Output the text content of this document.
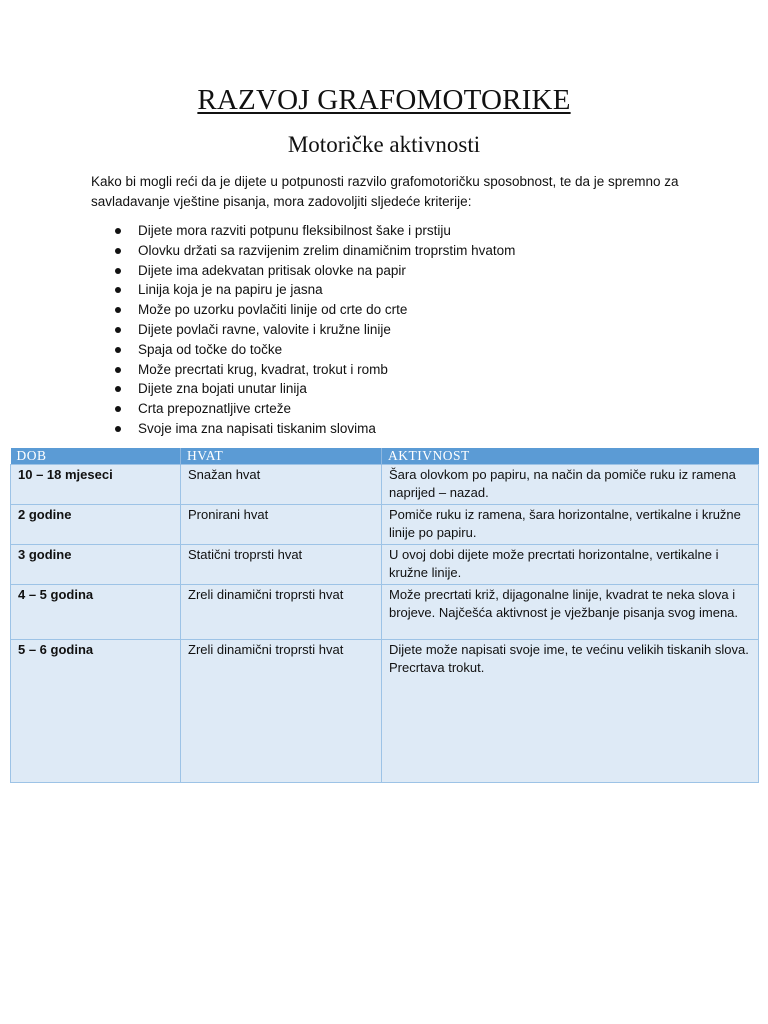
RAZVOJ GRAFOMOTORIKE
Motoričke aktivnosti
Kako bi mogli reći da je dijete u potpunosti razvilo grafomotoričku sposobnost, te da je spremno za savladavanje vještine pisanja, mora zadovoljiti sljedeće kriterije:
Dijete mora razviti potpunu fleksibilnost šake i prstiju
Olovku držati sa razvijenim zrelim dinamičnim troprstim hvatom
Dijete ima adekvatan pritisak olovke na papir
Linija koja je na papiru je jasna
Može po uzorku povlačiti linije od crte do crte
Dijete povlači ravne, valovite i kružne linije
Spaja od točke do točke
Može precrtati krug, kvadrat, trokut i romb
Dijete zna bojati unutar linija
Crta prepoznatljive crteže
Svoje ima zna napisati tiskanim slovima
DOB	HVAT	AKTIVNOST
10 – 18 mjeseci	Snažan hvat	Šara olovkom po papiru, na način da pomiče ruku iz ramena naprijed – nazad.
2 godine	Pronirani hvat	Pomiče ruku iz ramena, šara horizontalne, vertikalne i kružne linije po papiru.
3 godine	Statični troprsti hvat	U ovoj dobi dijete može precrtati horizontalne, vertikalne i kružne linije.
4 – 5 godina	Zreli dinamični troprsti hvat	Može precrtati križ, dijagonalne linije, kvadrat te neka slova i brojeve. Najčešća aktivnost je vježbanje pisanja svog imena.
5 – 6 godina	Zreli dinamični troprsti hvat	Dijete može napisati svoje ime, te većinu velikih tiskanih slova. Precrtava trokut.
